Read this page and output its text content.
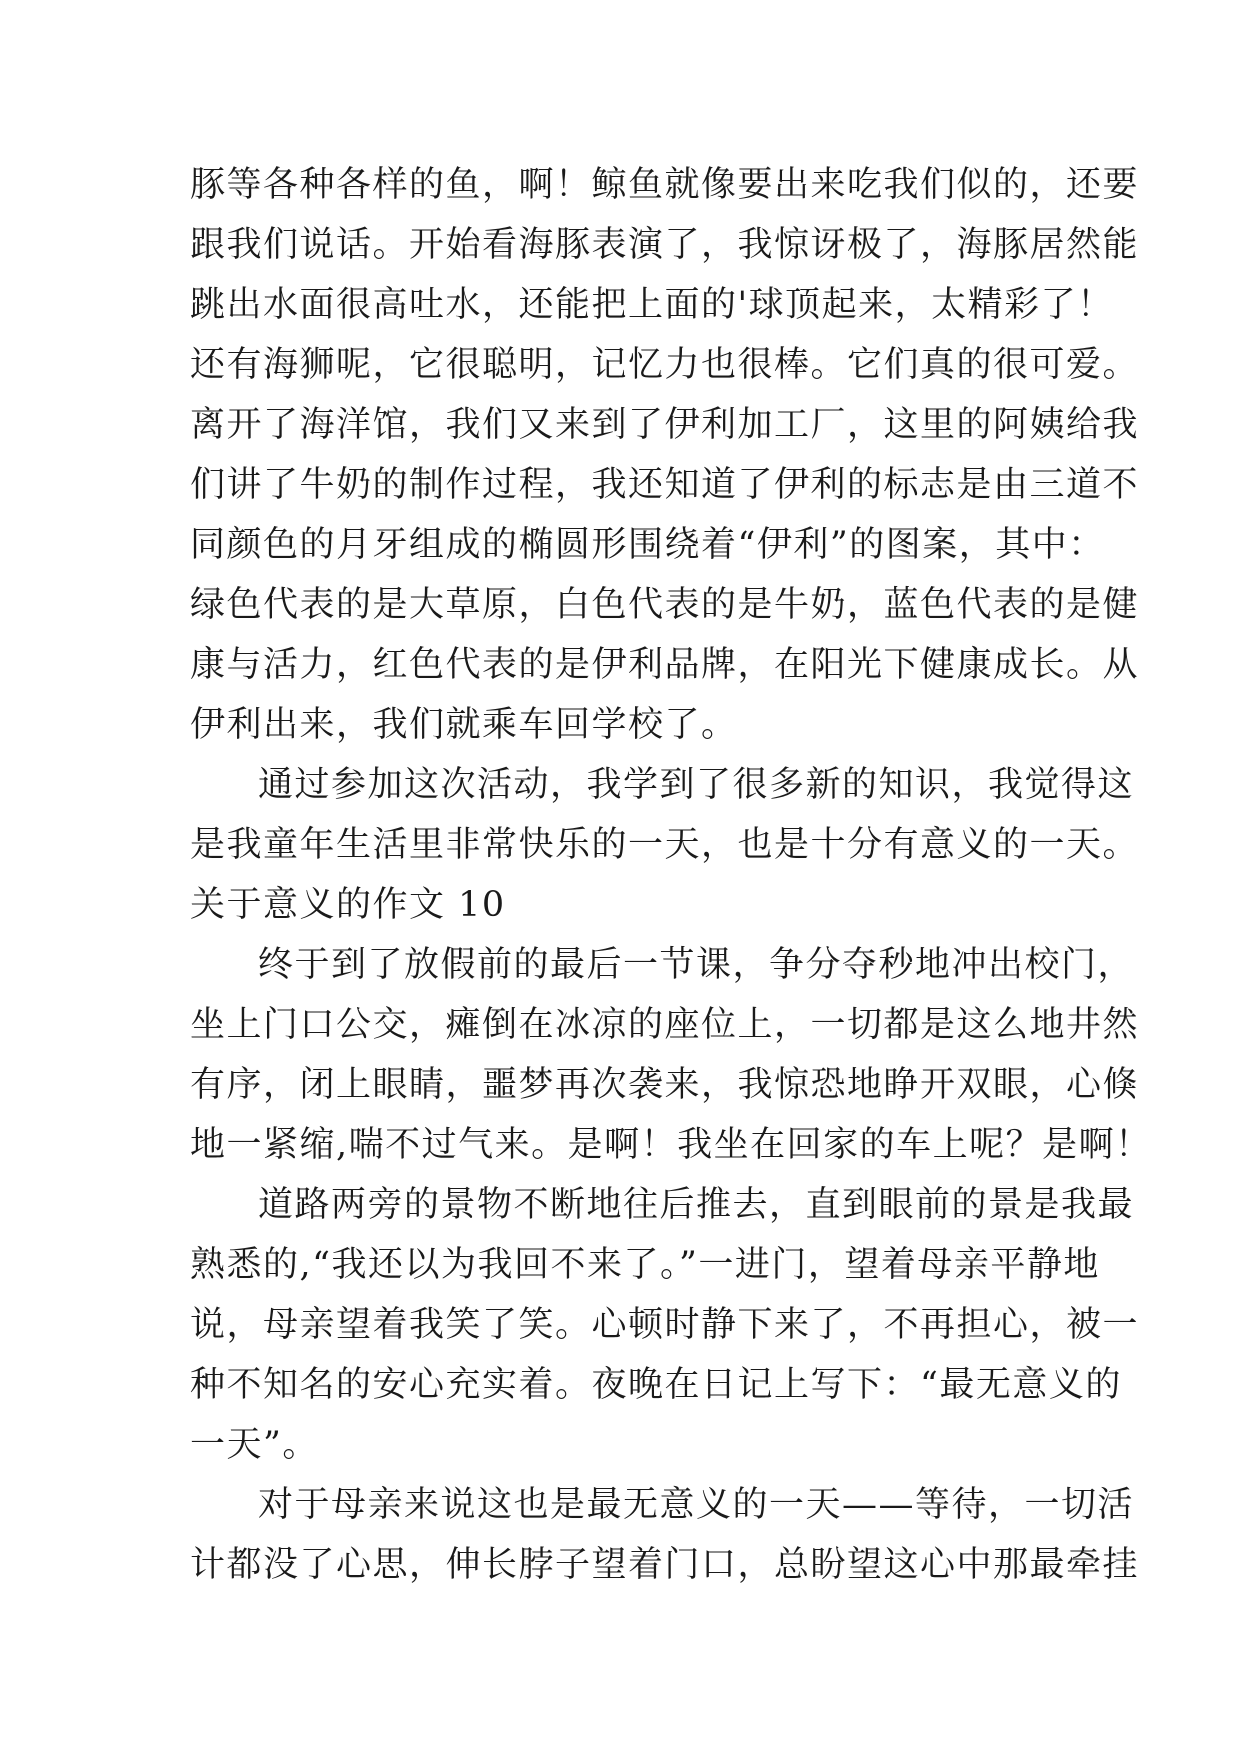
豚等各种各样的鱼，啊！鲸鱼就像要出来吃我们似的，还要
跟我们说话。开始看海豚表演了，我惊讶极了，海豚居然能
跳出水面很高吐水，还能把上面的'球顶起来，太精彩了！
还有海狮呢，它很聪明，记忆力也很棒。它们真的很可爱。
离开了海洋馆，我们又来到了伊利加工厂，这里的阿姨给我
们讲了牛奶的制作过程，我还知道了伊利的标志是由三道不
同颜色的月牙组成的椭圆形围绕着“伊利”的图案，其中：
绿色代表的是大草原，白色代表的是牛奶，蓝色代表的是健
康与活力，红色代表的是伊利品牌，在阳光下健康成长。从
伊利出来，我们就乘车回学校了。
通过参加这次活动，我学到了很多新的知识，我觉得这
是我童年生活里非常快乐的一天，也是十分有意义的一天。
关于意义的作文 10
终于到了放假前的最后一节课，争分夺秒地冲出校门，
坐上门口公交，瘫倒在冰凉的座位上，一切都是这么地井然
有序，闭上眼睛，噩梦再次袭来，我惊恐地睁开双眼，心倏
地一紧缩,喘不过气来。是啊！我坐在回家的车上呢？是啊！
道路两旁的景物不断地往后推去，直到眼前的景是我最
熟悉的,“我还以为我回不来了。”一进门，望着母亲平静地
说，母亲望着我笑了笑。心顿时静下来了，不再担心，被一
种不知名的安心充实着。夜晚在日记上写下：“最无意义的
一天”。
对于母亲来说这也是最无意义的一天——等待，一切活
计都没了心思，伸长脖子望着门口，总盼望这心中那最牵挂
